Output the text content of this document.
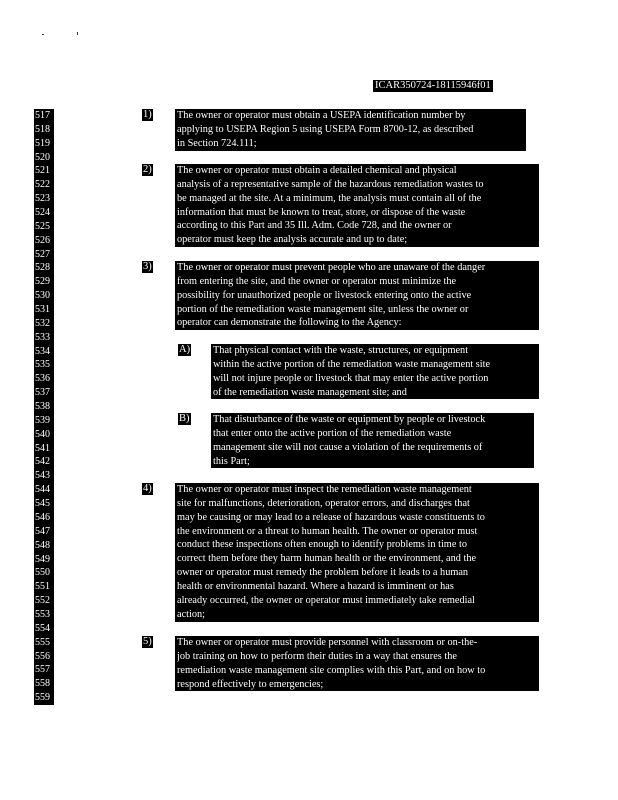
ICAR350724-18115946f01
517
518
519
520
521
522
523
524
525
526
527
528
529
530
531
532
533
534
535
536
537
538
539
540
541
542
543
544
545
546
547
548
549
550
551
552
553
554
555
556
557
558
559
1) The owner or operator must obtain a USEPA identification number by
applying to USEPA Region 5 using USEPA Form 8700-12, as described
in Section 724.111;
2) The owner or operator must obtain a detailed chemical and physical
analysis of a representative sample of the hazardous remediation wastes to
be managed at the site. At a minimum, the analysis must contain all of the
information that must be known to treat, store, or dispose of the waste
according to this Part and 35 Ill. Adm. Code 728, and the owner or
operator must keep the analysis accurate and up to date;
3) The owner or operator must prevent people who are unaware of the danger
from entering the site, and the owner or operator must minimize the
possibility for unauthorized people or livestock entering onto the active
portion of the remediation waste management site, unless the owner or
operator can demonstrate the following to the Agency:
A) That physical contact with the waste, structures, or equipment
within the active portion of the remediation waste management site
will not injure people or livestock that may enter the active portion
of the remediation waste management site; and
B) That disturbance of the waste or equipment by people or livestock
that enter onto the active portion of the remediation waste
management site will not cause a violation of the requirements of
this Part;
4) The owner or operator must inspect the remediation waste management
site for malfunctions, deterioration, operator errors, and discharges that
may be causing or may lead to a release of hazardous waste constituents to
the environment or a threat to human health. The owner or operator must
conduct these inspections often enough to identify problems in time to
correct them before they harm human health or the environment, and the
owner or operator must remedy the problem before it leads to a human
health or environmental hazard. Where a hazard is imminent or has
already occurred, the owner or operator must immediately take remedial
action;
5) The owner or operator must provide personnel with classroom or on-the-
job training on how to perform their duties in a way that ensures the
remediation waste management site complies with this Part, and on how to
respond effectively to emergencies;
